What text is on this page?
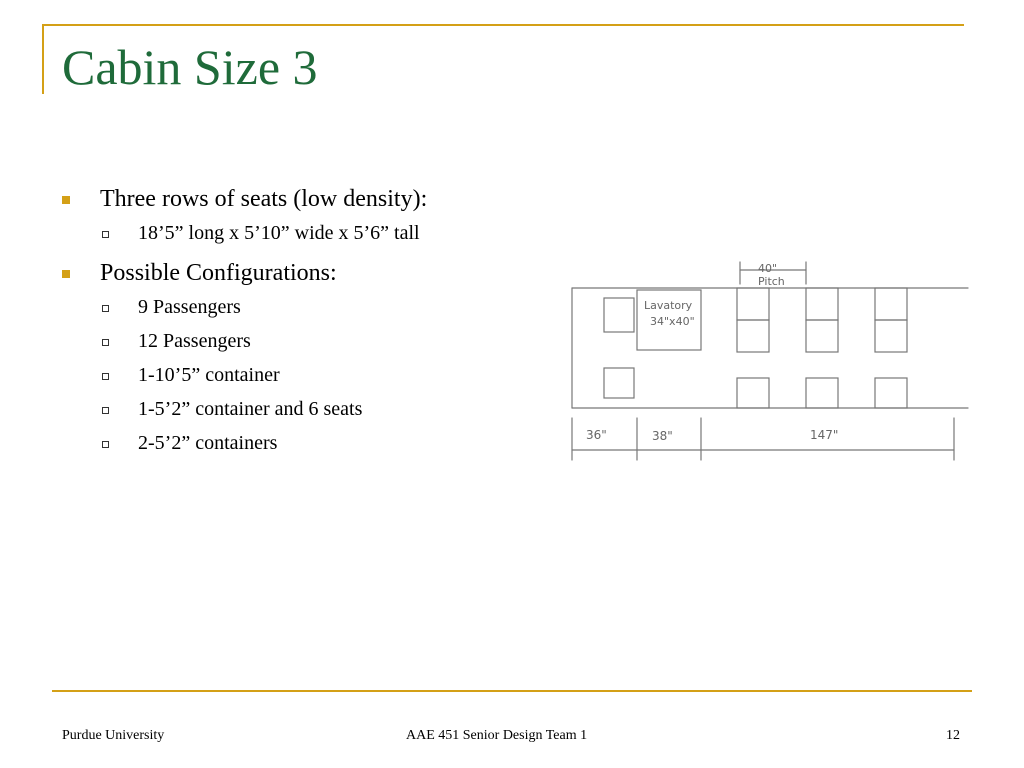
Cabin Size 3
Three rows of seats (low density):
18’5” long x 5’10” wide x 5’6” tall
Possible Configurations:
9 Passengers
12 Passengers
1-10’5” container
1-5’2” container and 6 seats
2-5’2” containers
Lavatory
34"x40"
40"
Pitch
36"	38"	147"
Purdue University	AAE 451 Senior Design Team 1	12
